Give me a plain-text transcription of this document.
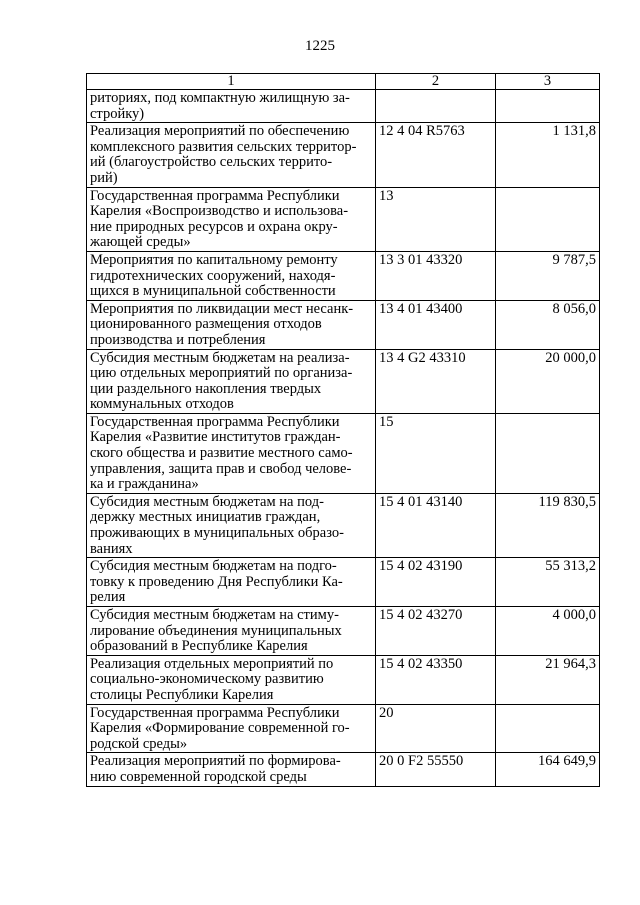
1225
1	2	3

риториях, под компактную жилищную за-
стройку)		

Реализация мероприятий по обеспечению
комплексного развития сельских территор-
ий (благоустройство сельских террито-
рий)	12 4 04 R5763	1 131,8

Государственная программа Республики
Карелия «Воспроизводство и использова-
ние природных ресурсов и охрана окру-
жающей среды»	13	

Мероприятия по капитальному ремонту
гидротехнических сооружений, находя-
щихся в муниципальной собственности	13 3 01 43320	9 787,5

Мероприятия по ликвидации мест несанк-
ционированного размещения отходов
производства и потребления	13 4 01 43400	8 056,0

Субсидия местным бюджетам на реализа-
цию отдельных мероприятий по организа-
ции раздельного накопления твердых
коммунальных отходов	13 4 G2 43310	20 000,0

Государственная программа Республики
Карелия «Развитие институтов граждан-
ского общества и развитие местного само-
управления, защита прав и свобод челове-
ка и гражданина»	15	

Субсидия местным бюджетам на под-
держку местных инициатив граждан,
проживающих в муниципальных образо-
ваниях	15 4 01 43140	119 830,5

Субсидия местным бюджетам на подго-
товку к проведению Дня Республики Ка-
релия	15 4 02 43190	55 313,2

Субсидия местным бюджетам на стиму-
лирование объединения муниципальных
образований в Республике Карелия	15 4 02 43270	4 000,0

Реализация отдельных мероприятий по
социально-экономическому развитию
столицы Республики Карелия	15 4 02 43350	21 964,3

Государственная программа Республики
Карелия «Формирование современной го-
родской среды»	20	

Реализация мероприятий по формирова-
нию современной городской среды	20 0 F2 55550	164 649,9
